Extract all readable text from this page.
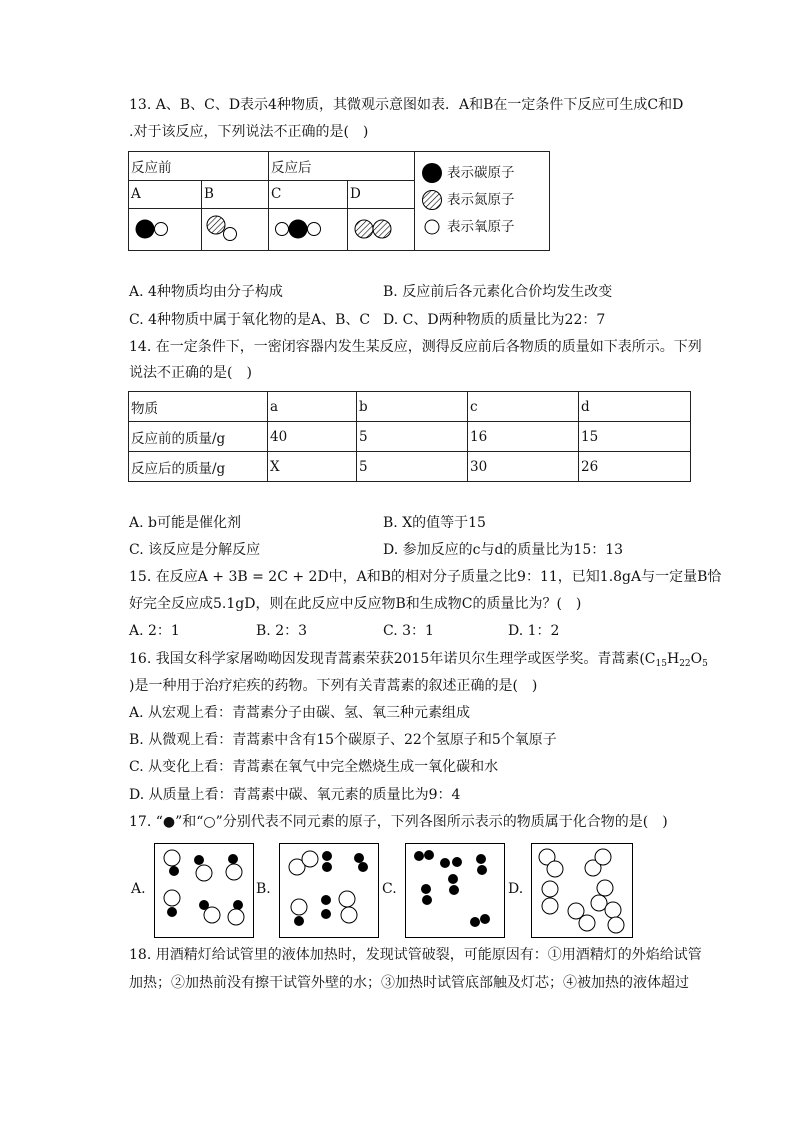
13. A、B、C、D表示4种物质，其微观示意图如表．A和B在一定条件下反应可生成C和D
.对于该反应，下列说法不正确的是(　)
反应前		反应后		表示碳原子
表示氮原子
表示氧原子

A	B	C	D	

A. 4种物质均由分子构成	B. 反应前后各元素化合价均发生改变
C. 4种物质中属于氧化物的是A、B、C D. C、D两种物质的质量比为22：7
14. 在一定条件下，一密闭容器内发生某反应，测得反应前后各物质的质量如下表所示。下列
说法不正确的是(　)
物质	a	b	c	d
反应前的质量/g	40	5	16	15
反应后的质量/g	X	5	30	26
A. b可能是催化剂	B. X的值等于15
C. 该反应是分解反应	D. 参加反应的c与d的质量比为15：13
15. 在反应A + 3B = 2C + 2D中，A和B的相对分子质量之比9：11，已知1.8gA与一定量B恰
好完全反应成5.1gD，则在此反应中反应物B和生成物C的质量比为？(　)
A. 2：1	B. 2：3	C. 3：1	D. 1：2
16. 我国女科学家屠呦呦因发现青蒿素荣获2015年诺贝尔生理学或医学奖。青蒿素($C_{15}H_{22}O_5$
)是一种用于治疗疟疾的药物。下列有关青蒿素的叙述正确的是(　)
A. 从宏观上看：青蒿素分子由碳、氢、氧三种元素组成
B. 从微观上看：青蒿素中含有15个碳原子、22个氢原子和5个氧原子
C. 从变化上看：青蒿素在氧气中完全燃烧生成一氧化碳和水
D. 从质量上看：青蒿素中碳、氧元素的质量比为9：4
17. “●”和“○”分别代表不同元素的原子，下列各图所示表示的物质属于化合物的是(　)
A.	B.	C.	D.
18. 用酒精灯给试管里的液体加热时，发现试管破裂，可能原因有：①用酒精灯的外焰给试管
加热；②加热前没有擦干试管外壁的水；③加热时试管底部触及灯芯；④被加热的液体超过
